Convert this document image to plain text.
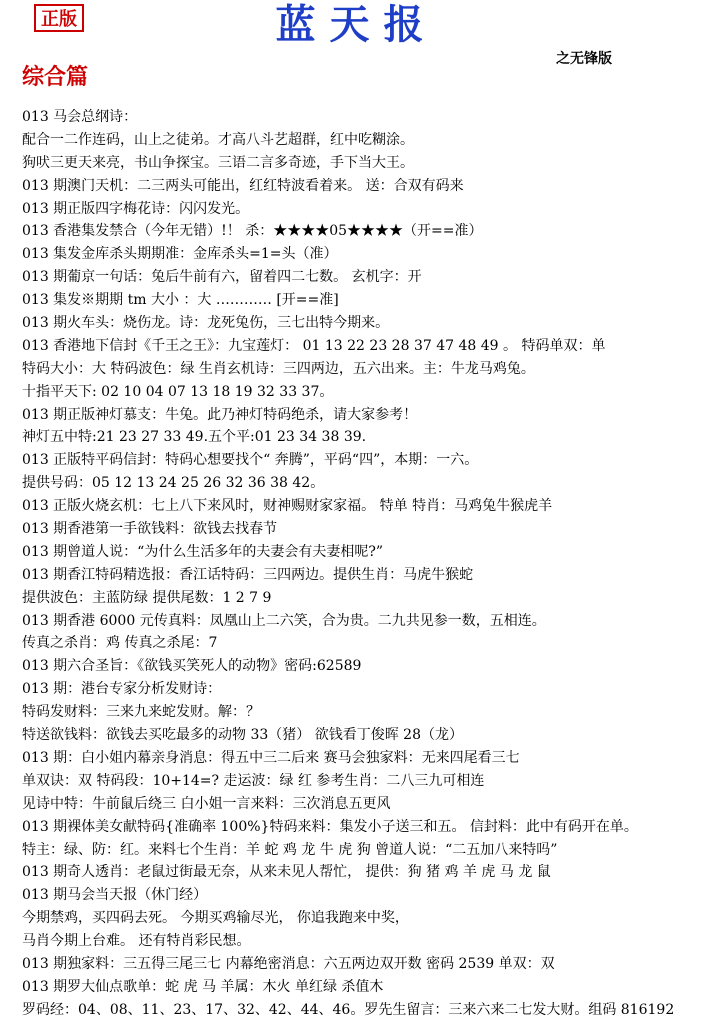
正版	蓝天报
之无锋版
综合篇
013 马会总纲诗：
配合一二作连码，山上之徒弟。才高八斗艺超群，红中吃糊涂。
狗吠三更天来亮，书山争探宝。三语二言多奇迹，手下当大王。
013 期澳门天机：二三两头可能出，红红特波看着来。 送：合双有码来
013 期正版四字梅花诗：闪闪发光。
013 香港集发禁合（今年无错）!！ 杀：★★★★05★★★★（开==准）
013 集发金库杀头期期准：金库杀头=1=头（准）
013 期葡京一句话：兔后牛前有六，留着四二七数。 玄机字：开
013 集发※期期 tm 大小 ：大 ………… [开==准]
013 期火车头：烧伤龙。诗：龙死兔伤，三七出特今期来。
013 香港地下信封《千王之王》：九宝莲灯： 01 13 22 23 28 37 47 48 49 。 特码单双：单
特码大小：大 特码波色：绿 生肖玄机诗：三四两边，五六出来。主：牛龙马鸡兔。
十指平天下: 02 10 04 07 13 18 19 32 33 37。
013 期正版神灯慕支：牛兔。此乃神灯特码绝杀，请大家参考！
神灯五中特:21 23 27 33 49.五个平:01 23 34 38 39.
013 正版特平码信封：特码心想要找个“ 奔腾”，平码“四”，本期：一六。
提供号码：05 12 13 24 25 26 32 36 38 42。
013 正版火烧玄机：七上八下来风时，财神赐财家家福。 特单 特肖：马鸡兔牛猴虎羊
013 期香港第一手欲钱料：欲钱去找春节
013 期曾道人说：“为什么生活多年的夫妻会有夫妻相呢?”
013 期香江特码精选报：香江话特码：三四两边。提供生肖：马虎牛猴蛇
提供波色：主蓝防绿 提供尾数：1 2 7 9
013 期香港 6000 元传真料：凤凰山上二六笑，合为贵。二九共见参一数，五相连。
传真之杀肖：鸡 传真之杀尾：7
013 期六合圣旨：《欲钱买笑死人的动物》密码:62589
013 期：港台专家分析发财诗：
特码发财料：三来九来蛇发财。解：？
特送欲钱料：欲钱去买吃最多的动物 33（猪） 欲钱看丁俊晖 28（龙）
013 期：白小姐内幕亲身消息：得五中三二后来 赛马会独家料：无来四尾看三七
单双诀：双 特码段：10+14=? 走运波：绿 红 参考生肖：二八三九可相连
见诗中特：牛前鼠后绕三 白小姐一言来料：三次消息五更风
013 期裸体美女献特码{准确率 100%}特码来料：集发小子送三和五。 信封料：此中有码开在单。
特主：绿、防：红。来料七个生肖：羊 蛇 鸡 龙 牛 虎 狗 曾道人说：“二五加八来特吗”
013 期奇人透肖：老鼠过街最无奈，从来未见人帮忙， 提供：狗 猪 鸡 羊 虎 马 龙 鼠
013 期马会当天报（休门经）
今期禁鸡，买四码去死。 今期买鸡输尽光， 你追我跑来中奖，
马肖今期上台难。 还有特肖彩民想。
013 期独家料：三五得三尾三七 内幕绝密消息：六五两边双开数 密码 2539 单双：双
013 期罗大仙点歌单：蛇 虎 马 羊属：木火 单红绿 杀值木
罗码经：04、08、11、23、17、32、42、44、46。罗先生留言：三来六来二七发大财。组码 816192
